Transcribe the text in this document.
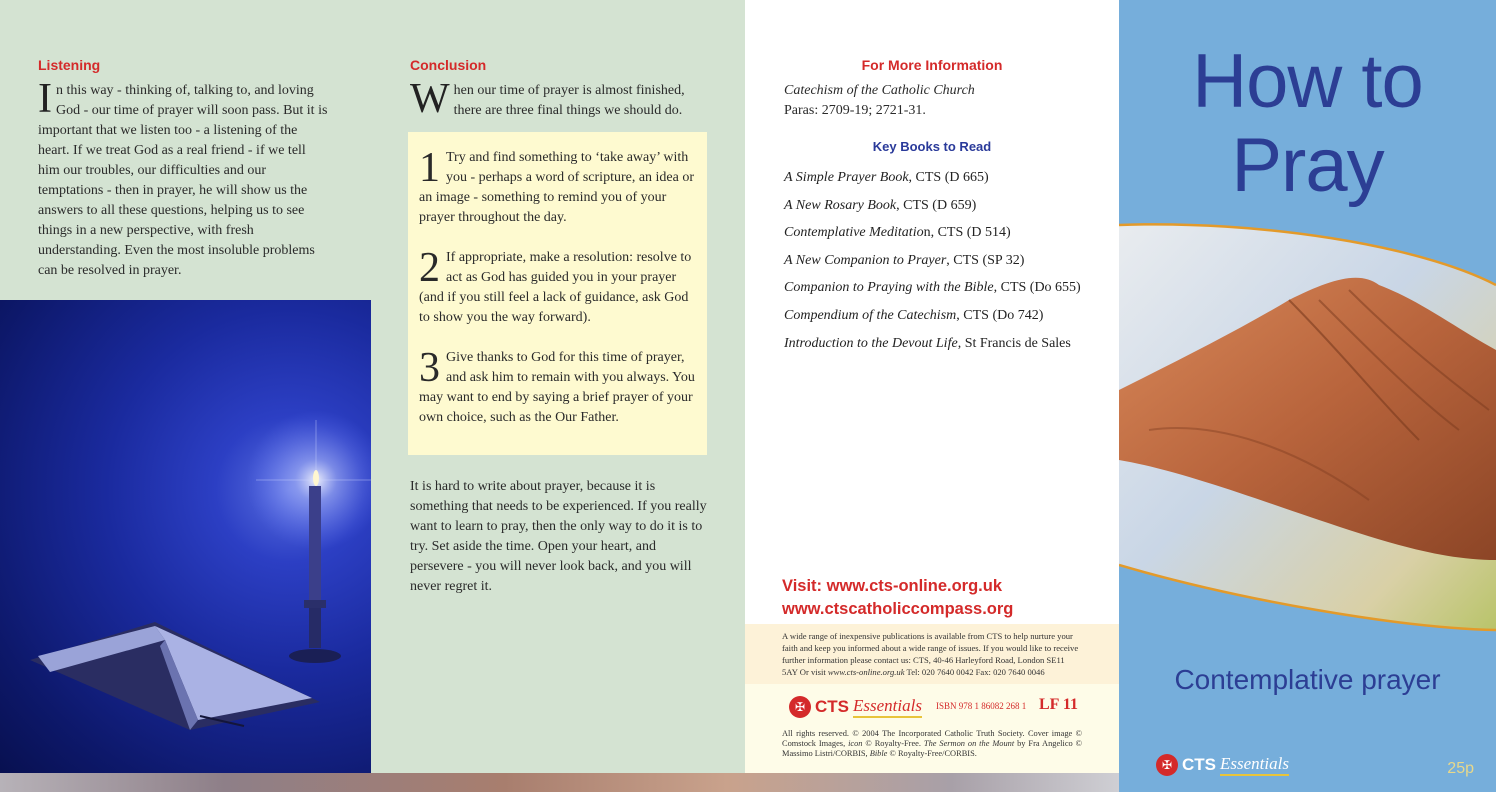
Listening
In this way - thinking of, talking to, and loving God - our time of prayer will soon pass. But it is important that we listen too - a listening of the heart. If we treat God as a real friend - if we tell him our troubles, our difficulties and our temptations - then in prayer, he will show us the answers to all these questions, helping us to see things in a new perspective, with fresh understanding. Even the most insoluble problems can be resolved in prayer.
Conclusion
When our time of prayer is almost finished, there are three final things we should do.
1 Try and find something to ‘take away’ with you - perhaps a word of scripture, an idea or an image - something to remind you of your prayer throughout the day.
2 If appropriate, make a resolution: resolve to act as God has guided you in your prayer (and if you still feel a lack of guidance, ask God to show you the way forward).
3 Give thanks to God for this time of prayer, and ask him to remain with you always. You may want to end by saying a brief prayer of your own choice, such as the Our Father.
It is hard to write about prayer, because it is something that needs to be experienced. If you really want to learn to pray, then the only way to do it is to try. Set aside the time. Open your heart, and persevere - you will never look back, and you will never regret it.
For More Information
Catechism of the Catholic Church
Paras: 2709-19; 2721-31.
Key Books to Read
A Simple Prayer Book, CTS (D 665)
A New Rosary Book, CTS (D 659)
Contemplative Meditation, CTS (D 514)
A New Companion to Prayer, CTS (SP 32)
Companion to Praying with the Bible, CTS (Do 655)
Compendium of the Catechism, CTS (Do 742)
Introduction to the Devout Life, St Francis de Sales
Visit: www.cts-online.org.uk
www.ctscatholiccompass.org
A wide range of inexpensive publications is available from CTS to help nurture your faith and keep you informed about a wide range of issues. If you would like to receive further information please contact us: CTS, 40-46 Harleyford Road, London SE11 5AY Or visit www.cts-online.org.uk Tel: 020 7640 0042 Fax: 020 7640 0046
✠ CTS Essentials ISBN 978 1 86082 268 1 LF 11
All rights reserved. © 2004 The Incorporated Catholic Truth Society. Cover image © Comstock Images, icon © Royalty-Free. The Sermon on the Mount by Fra Angelico © Massimo Listri/CORBIS, Bible © Royalty-Free/CORBIS.
How to
Pray
Contemplative prayer
✠ CTS Essentials	25p
